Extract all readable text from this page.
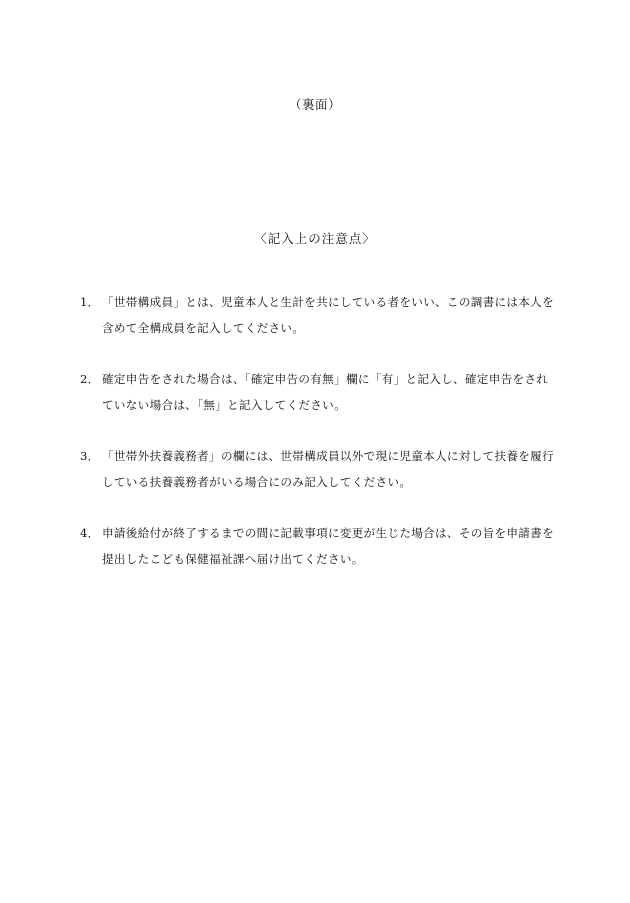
（裏面）
〈記入上の注意点〉
1． 「世帯構成員」とは、児童本人と生計を共にしている者をいい、この調書には本人を含めて全構成員を記入してください。
2． 確定申告をされた場合は、「確定申告の有無」欄に「有」と記入し、確定申告をされていない場合は、「無」と記入してください。
3． 「世帯外扶養義務者」の欄には、世帯構成員以外で現に児童本人に対して扶養を履行している扶養義務者がいる場合にのみ記入してください。
4． 申請後給付が終了するまでの間に記載事項に変更が生じた場合は、その旨を申請書を提出したこども保健福祉課へ届け出てください。
